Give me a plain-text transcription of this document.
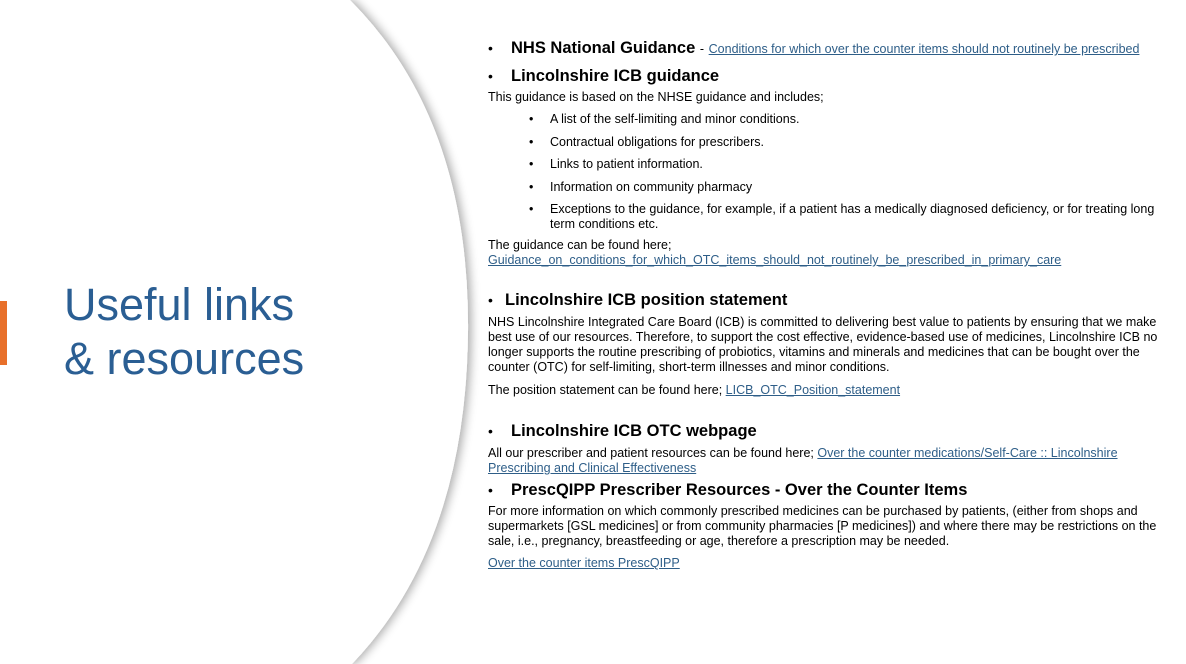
Useful links
& resources
• NHS National Guidance - Conditions for which over the counter items should not routinely be prescribed
• Lincolnshire ICB guidance

This guidance is based on the NHSE guidance and includes;

• A list of the self-limiting and minor conditions.
• Contractual obligations for prescribers.
• Links to patient information.
• Information on community pharmacy
• Exceptions to the guidance, for example, if a patient has a medically diagnosed deficiency, or for treating long term conditions etc.

The guidance can be found here;

Guidance_on_conditions_for_which_OTC_items_should_not_routinely_be_prescribed_in_primary_care

• Lincolnshire ICB position statement

NHS Lincolnshire Integrated Care Board (ICB) is committed to delivering best value to patients by ensuring that we make best use of our resources. Therefore, to support the cost effective, evidence-based use of medicines, Lincolnshire ICB no longer supports the routine prescribing of probiotics, vitamins and minerals and medicines that can be bought over the counter (OTC) for self-limiting, short-term illnesses and minor conditions.

The position statement can be found here; LICB_OTC_Position_statement

• Lincolnshire ICB OTC webpage

All our prescriber and patient resources can be found here; Over the counter medications/Self-Care :: Lincolnshire Prescribing and Clinical Effectiveness

• PrescQIPP Prescriber Resources - Over the Counter Items

For more information on which commonly prescribed medicines can be purchased by patients, (either from shops and supermarkets [GSL medicines] or from community pharmacies [P medicines]) and where there may be restrictions on the sale, i.e., pregnancy, breastfeeding or age, therefore a prescription may be needed.

Over the counter items PrescQIPP
